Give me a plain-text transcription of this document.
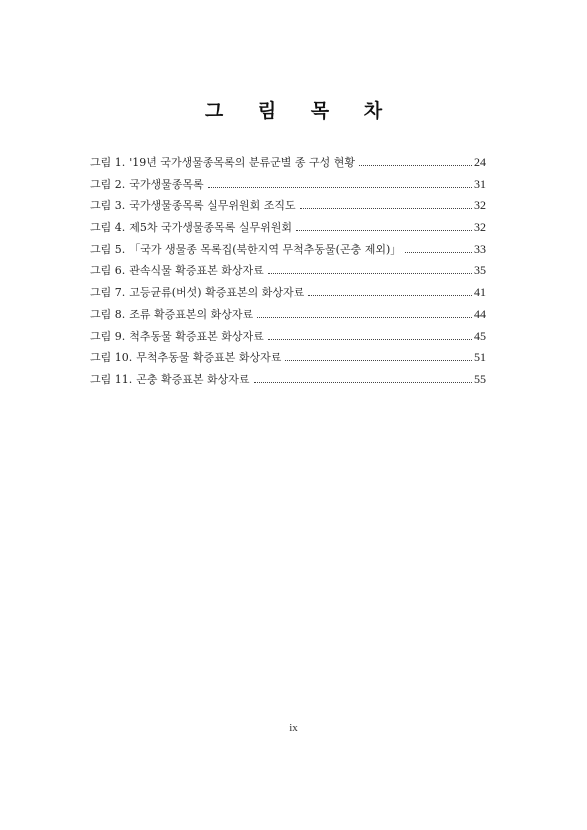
그 림 목 차
그림 1. '19년 국가생물종목록의 분류군별 종 구성 현황	24
그림 2. 국가생물종목록	31
그림 3. 국가생물종목록 실무위원회 조직도	32
그림 4. 제5차 국가생물종목록 실무위원회	32
그림 5. 「국가 생물종 목록집(북한지역 무척추동물(곤충 제외)」	33
그림 6. 관속식물 확증표본 화상자료	35
그림 7. 고등균류(버섯) 확증표본의 화상자료	41
그림 8. 조류 확증표본의 화상자료	44
그림 9. 척추동물 확증표본 화상자료	45
그림 10. 무척추동물 확증표본 화상자료	51
그림 11. 곤충 확증표본 화상자료	55
ix
